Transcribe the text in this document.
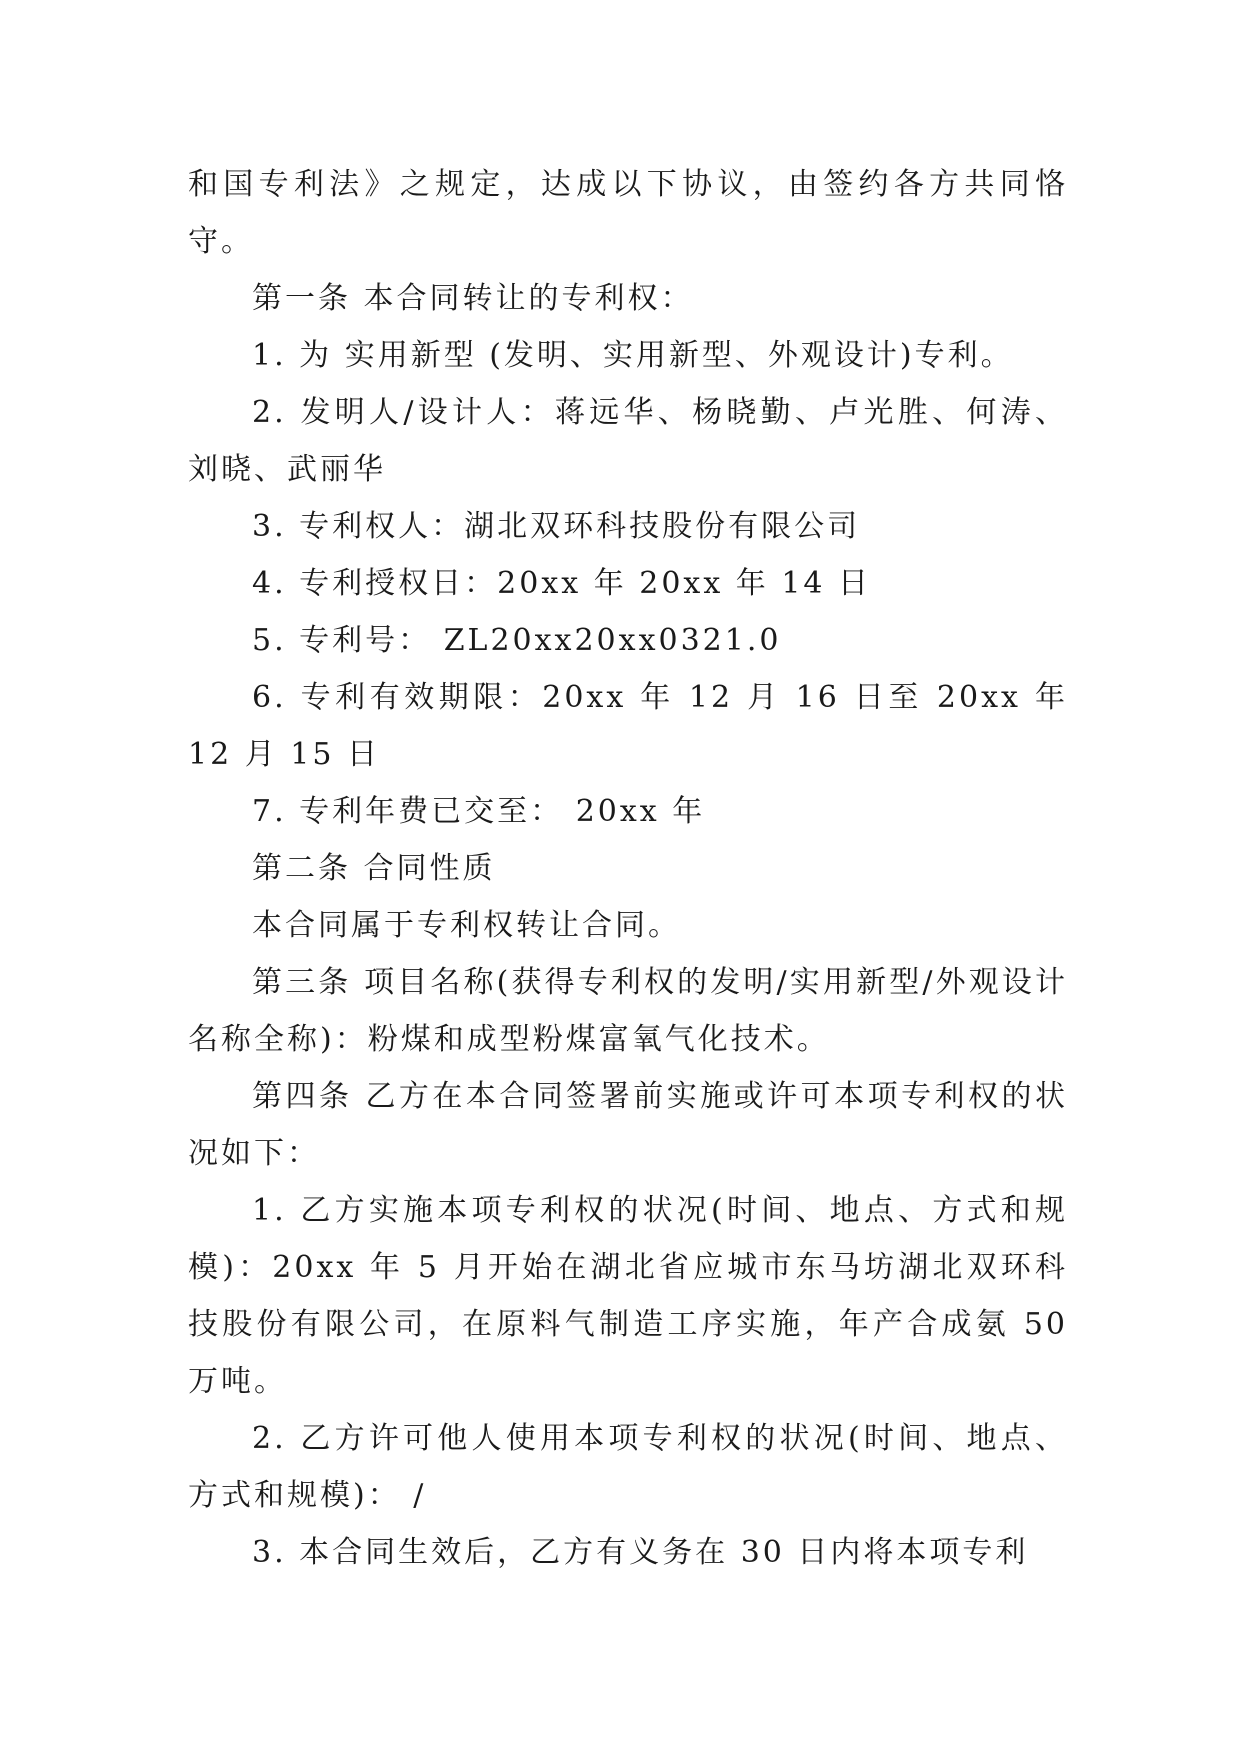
和国专利法》之规定，达成以下协议，由签约各方共同恪守。

第一条 本合同转让的专利权：

1. 为 实用新型 (发明、实用新型、外观设计)专利。

2. 发明人/设计人：蒋远华、杨晓勤、卢光胜、何涛、刘晓、武丽华

3. 专利权人：湖北双环科技股份有限公司

4. 专利授权日：20xx 年 20xx 年 14 日

5. 专利号： ZL20xx20xx0321.0

6. 专利有效期限：20xx 年 12 月 16 日至 20xx 年 12 月 15 日

7. 专利年费已交至： 20xx 年

第二条 合同性质

本合同属于专利权转让合同。

第三条 项目名称(获得专利权的发明/实用新型/外观设计名称全称)：粉煤和成型粉煤富氧气化技术。

第四条 乙方在本合同签署前实施或许可本项专利权的状况如下：

1. 乙方实施本项专利权的状况(时间、地点、方式和规模)：20xx 年 5 月开始在湖北省应城市东马坊湖北双环科技股份有限公司，在原料气制造工序实施，年产合成氨 50 万吨。

2. 乙方许可他人使用本项专利权的状况(时间、地点、方式和规模)： /

3. 本合同生效后，乙方有义务在 30 日内将本项专利
